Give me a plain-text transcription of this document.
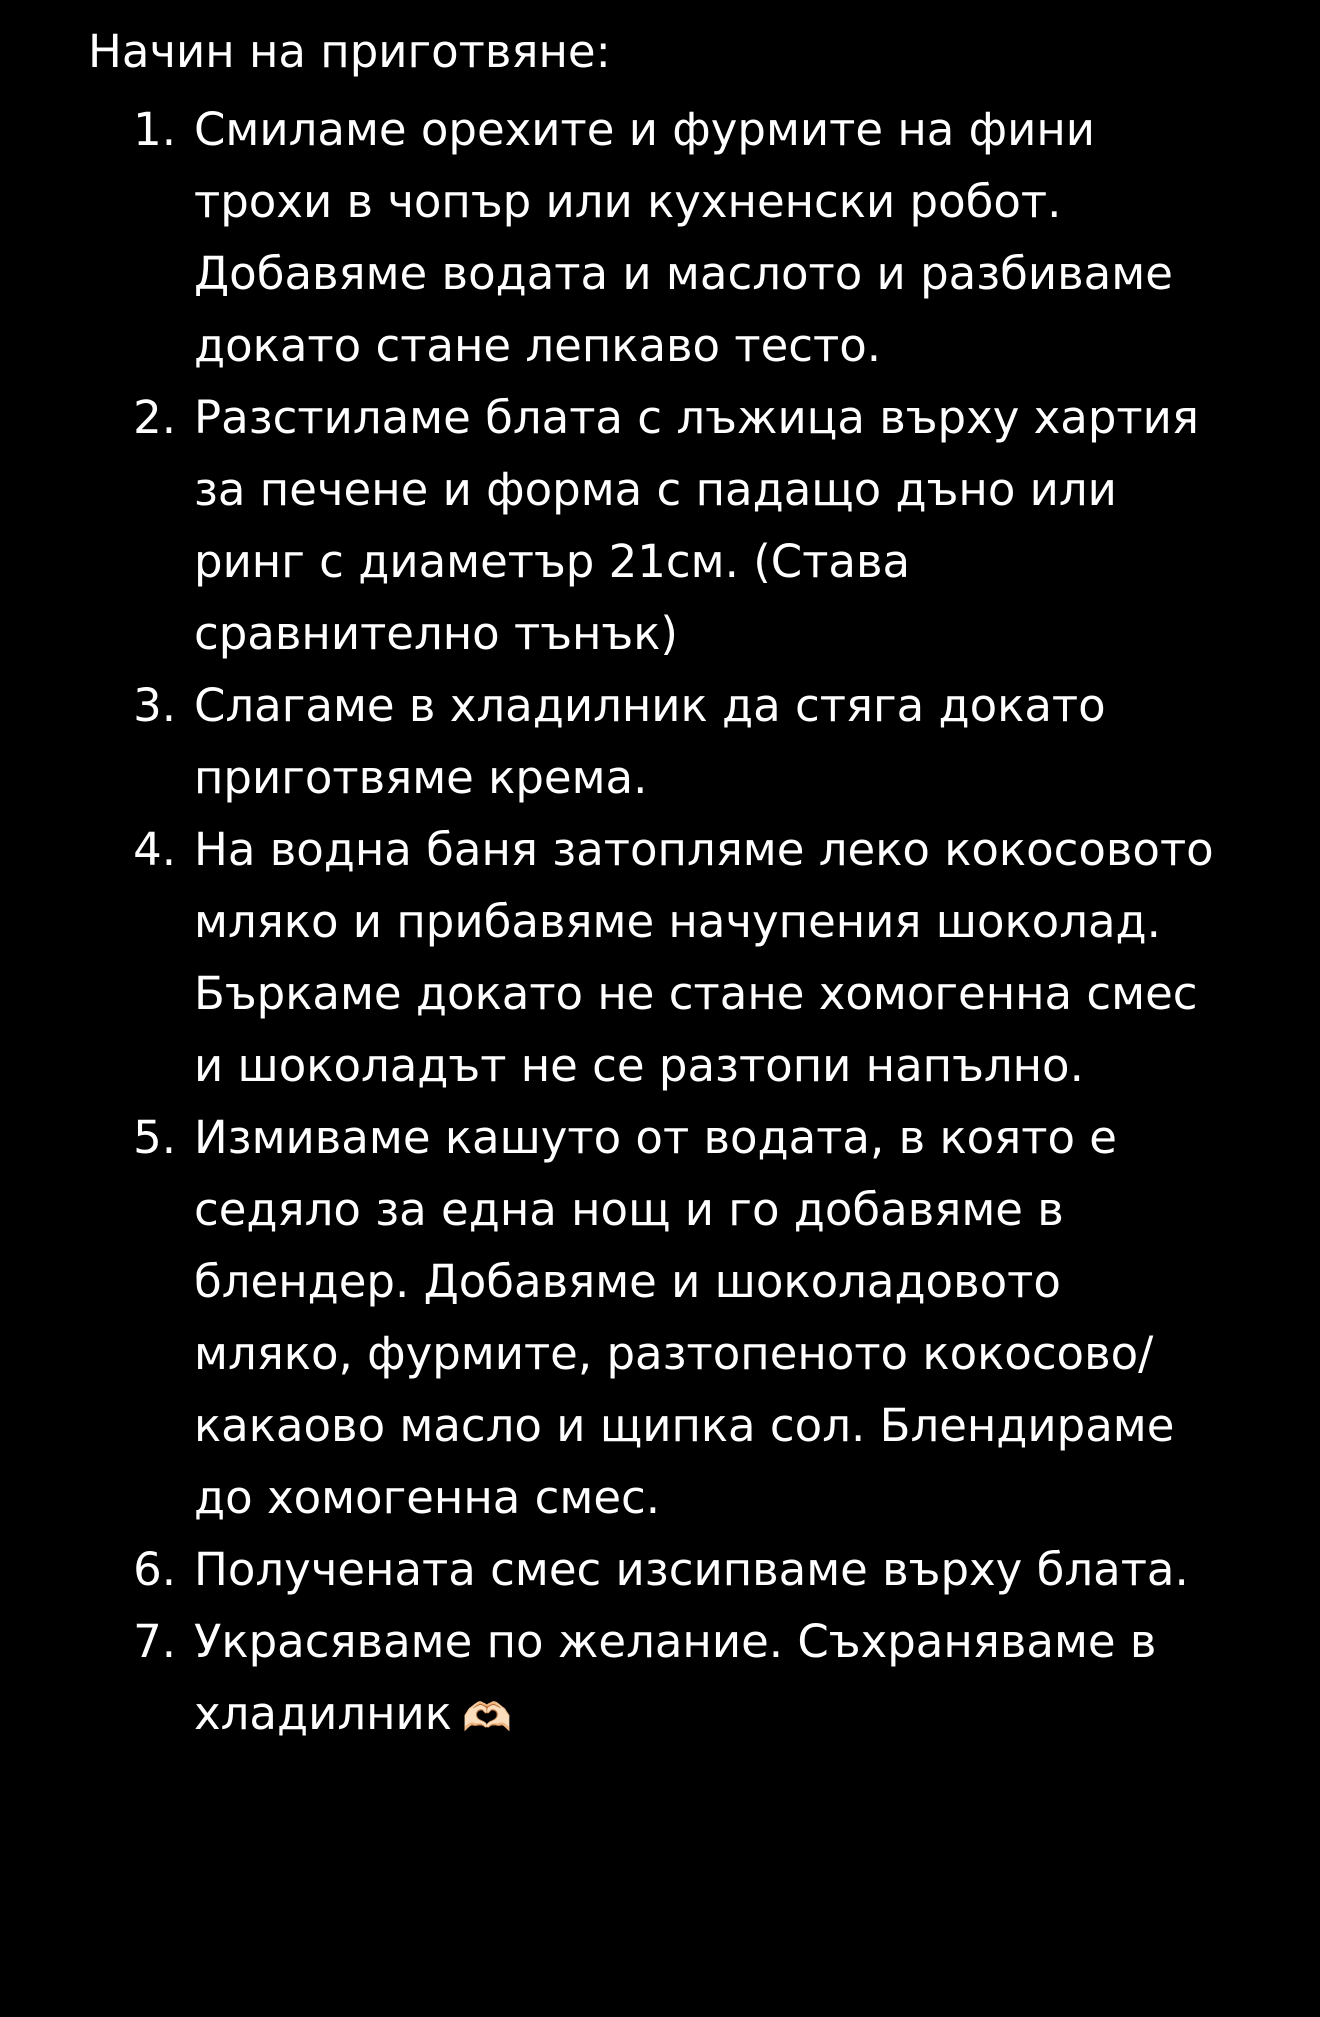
Начин на приготвяне:
1. Смиламе орехите и фурмите на фини трохи в чопър или кухненски робот. Добавяме водата и маслото и разбиваме докато стане лепкаво тесто.
2. Разстиламе блата с лъжица върху хартия за печене и форма с падащо дъно или ринг с диаметър 21см. (Става сравнително тънък)
3. Слагаме в хладилник да стяга докато приготвяме крема.
4. На водна баня затопляме леко кокосовото мляко и прибавяме начупения шоколад. Бъркаме докато не стане хомогенна смес и шоколадът не се разтопи напълно.
5. Измиваме кашуто от водата, в която е седяло за една нощ и го добавяме в блендер. Добавяме и шоколадовото мляко, фурмите, разтопеното кокосово/какаово масло и щипка сол. Блендираме до хомогенна смес.
6. Получената смес изсипваме върху блата.
7. Украсяваме по желание. Съхраняваме в хладилник 🫶🏻
